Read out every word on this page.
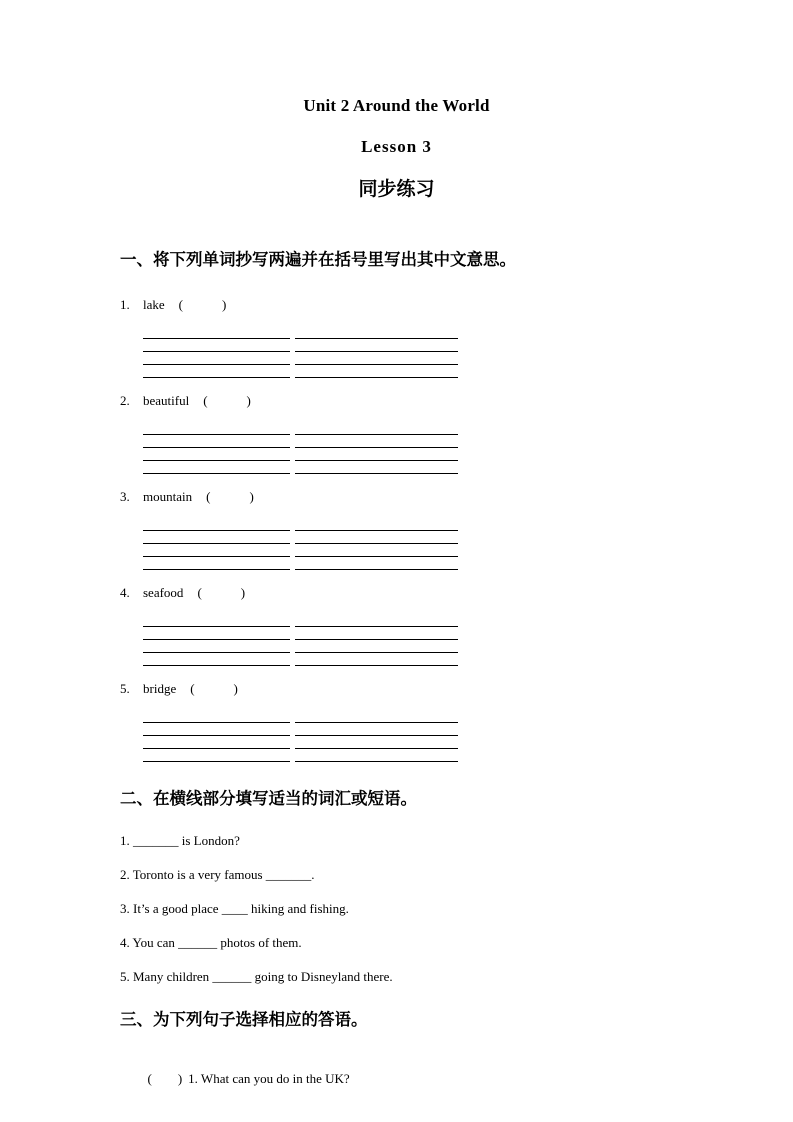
Unit 2 Around the World
Lesson 3
同步练习
一、将下列单词抄写两遍并在括号里写出其中文意思。
1.	lake (            )
2.	beautiful (            )
3.	mountain (            )
4.	seafood (            )
5.	bridge (            )
二、在横线部分填写适当的词汇或短语。
1. _______ is London?
2. Toronto is a very famous _______.
3. It’s a good place ____ hiking and fishing.
4. You can ______ photos of them.
5. Many children ______ going to Disneyland there.
三、为下列句子选择相应的答语。

(        ) 1. What can you do in the UK?
